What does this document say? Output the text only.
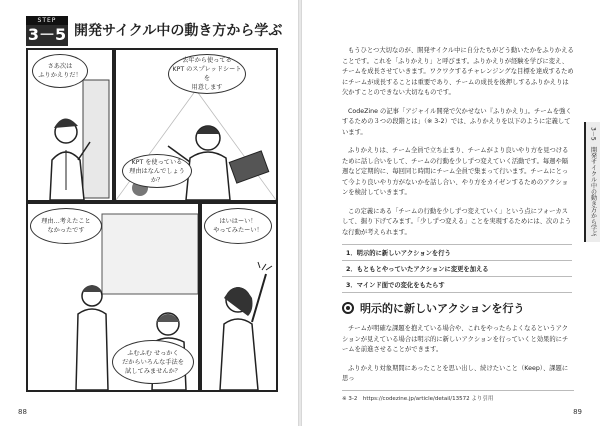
STEP
3－5 開発サイクル中の動き方から学ぶ
さあ次は
ふりかえりだ！
去年から使ってる
KPT のスプレッドシートを
用意します
KPT を使っている
理由はなんでしょうか？
理由…考えたこと
なかったです
ふむふむ せっかく
だからいろんな手法を
試してみませんか？
はいはーい！
やってみたーい！
88

もうひとつ大切なのが、開発サイクル中に自分たちがどう動いたかをふりかえることです。これを「ふりかえり」と呼びます。ふりかえりが経験を学びに変え、チームを成長させていきます。ワクワクするチャレンジングな目標を達成するためにチームが成長することは重要であり、チームの成長を後押しするふりかえりは欠かすことのできない大切なものです。

CodeZine の記事「アジャイル開発で欠かせない『ふりかえり』。チームを強くするための３つの段階とは」（※ 3-2）では、ふりかえりを以下のように定義しています。

ふりかえりは、チーム全員で立ち止まり、チームがより良いやり方を見つけるために話し合いをして、チームの行動を少しずつ変えていく活動です。毎週や隔週など定期的に、毎回同じ時間にチーム全員で集まって行います。チームにとって今より良いやり方がないかを話し合い、やり方をカイゼンするためのアクションを検討していきます。

この定義にある「チームの行動を少しずつ変えていく」という点にフォーカスして、掘り下げてみます。「少しずつ変える」ことを実現するためには、次のような行動が考えられます。

1．明示的に新しいアクションを行う
2．もともとやっていたアクションに変更を加える
3．マインド面での変化をもたらす
明示的に新しいアクションを行う

チームが明確な課題を抱えている場合や、これをやったらよくなるというアクションが見えている場合は明示的に新しいアクションを行っていくと効果的にチームを前進させることができます。

ふりかえり対象期間にあったことを思い出し、続けたいこと（Keep）、課題に思っ

※ 3-2　https://codezine.jp/article/detail/13572 より引用
3－5　開発サイクル中の動き方から学ぶ
89
